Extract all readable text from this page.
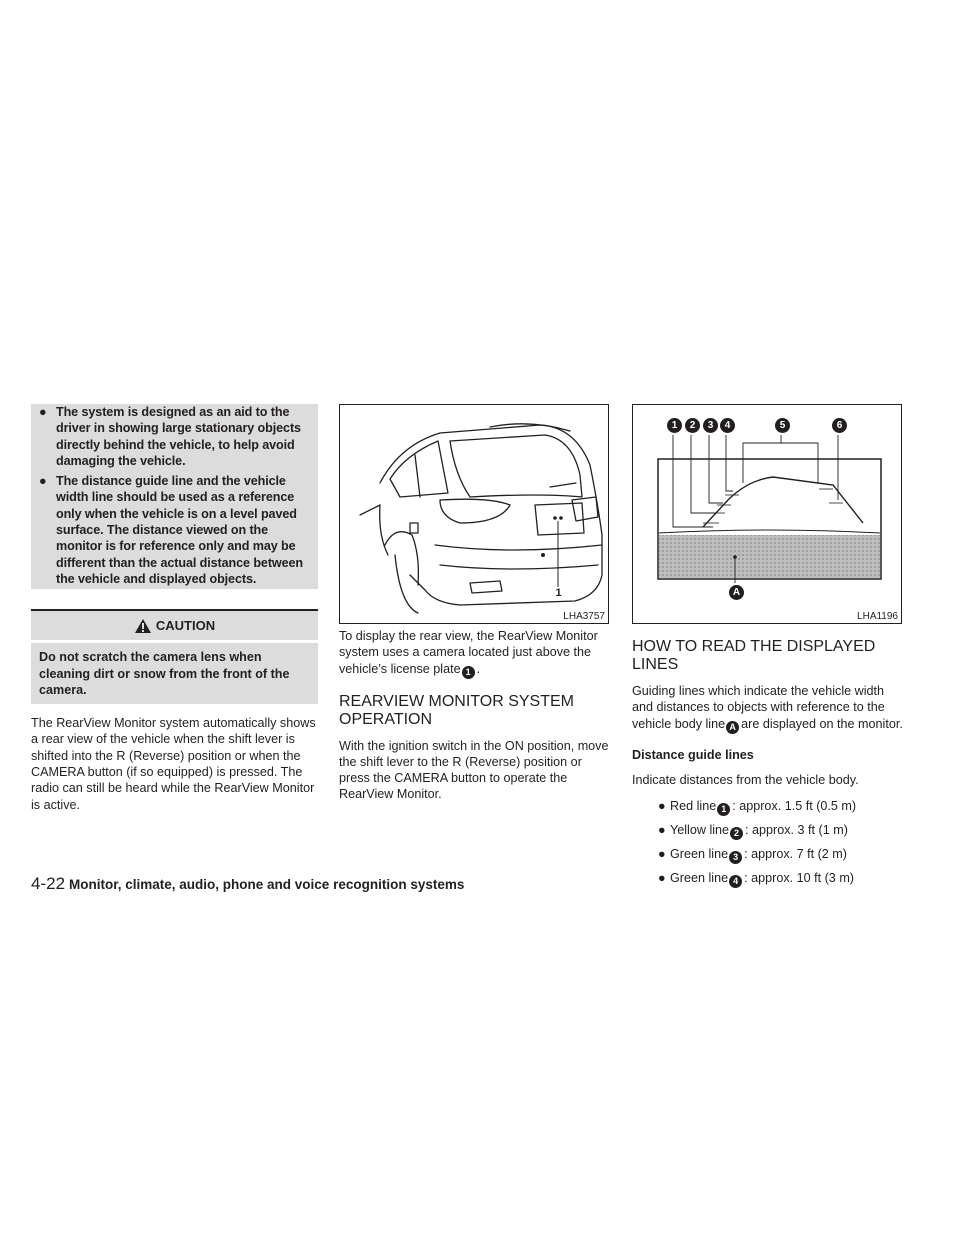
● The system is designed as an aid to the driver in showing large stationary objects directly behind the vehicle, to help avoid damaging the vehicle.
● The distance guide line and the vehicle width line should be used as a reference only when the vehicle is on a level paved surface. The distance viewed on the monitor is for reference only and may be different than the actual distance between the vehicle and displayed objects.
CAUTION
Do not scratch the camera lens when cleaning dirt or snow from the front of the camera.

The RearView Monitor system automatically shows a rear view of the vehicle when the shift lever is shifted into the R (Reverse) position or when the CAMERA button (if so equipped) is pressed. The radio can still be heard while the RearView Monitor is active.

1
LHA3757

To display the rear view, the RearView Monitor system uses a camera located just above the vehicle’s license plate 1 .

REARVIEW MONITOR SYSTEM OPERATION

With the ignition switch in the ON position, move the shift lever to the R (Reverse) position or press the CAMERA button to operate the RearView Monitor.

1	2	3	4	5	6
A
LHA1196
HOW TO READ THE DISPLAYED LINES

Guiding lines which indicate the vehicle width and distances to objects with reference to the vehicle body line A are displayed on the monitor.

Distance guide lines

Indicate distances from the vehicle body.

● Red line 1 : approx. 1.5 ft (0.5 m)
● Yellow line 2 : approx. 3 ft (1 m)
● Green line 3 : approx. 7 ft (2 m)
● Green line 4 : approx. 10 ft (3 m)
4-22 Monitor, climate, audio, phone and voice recognition systems
